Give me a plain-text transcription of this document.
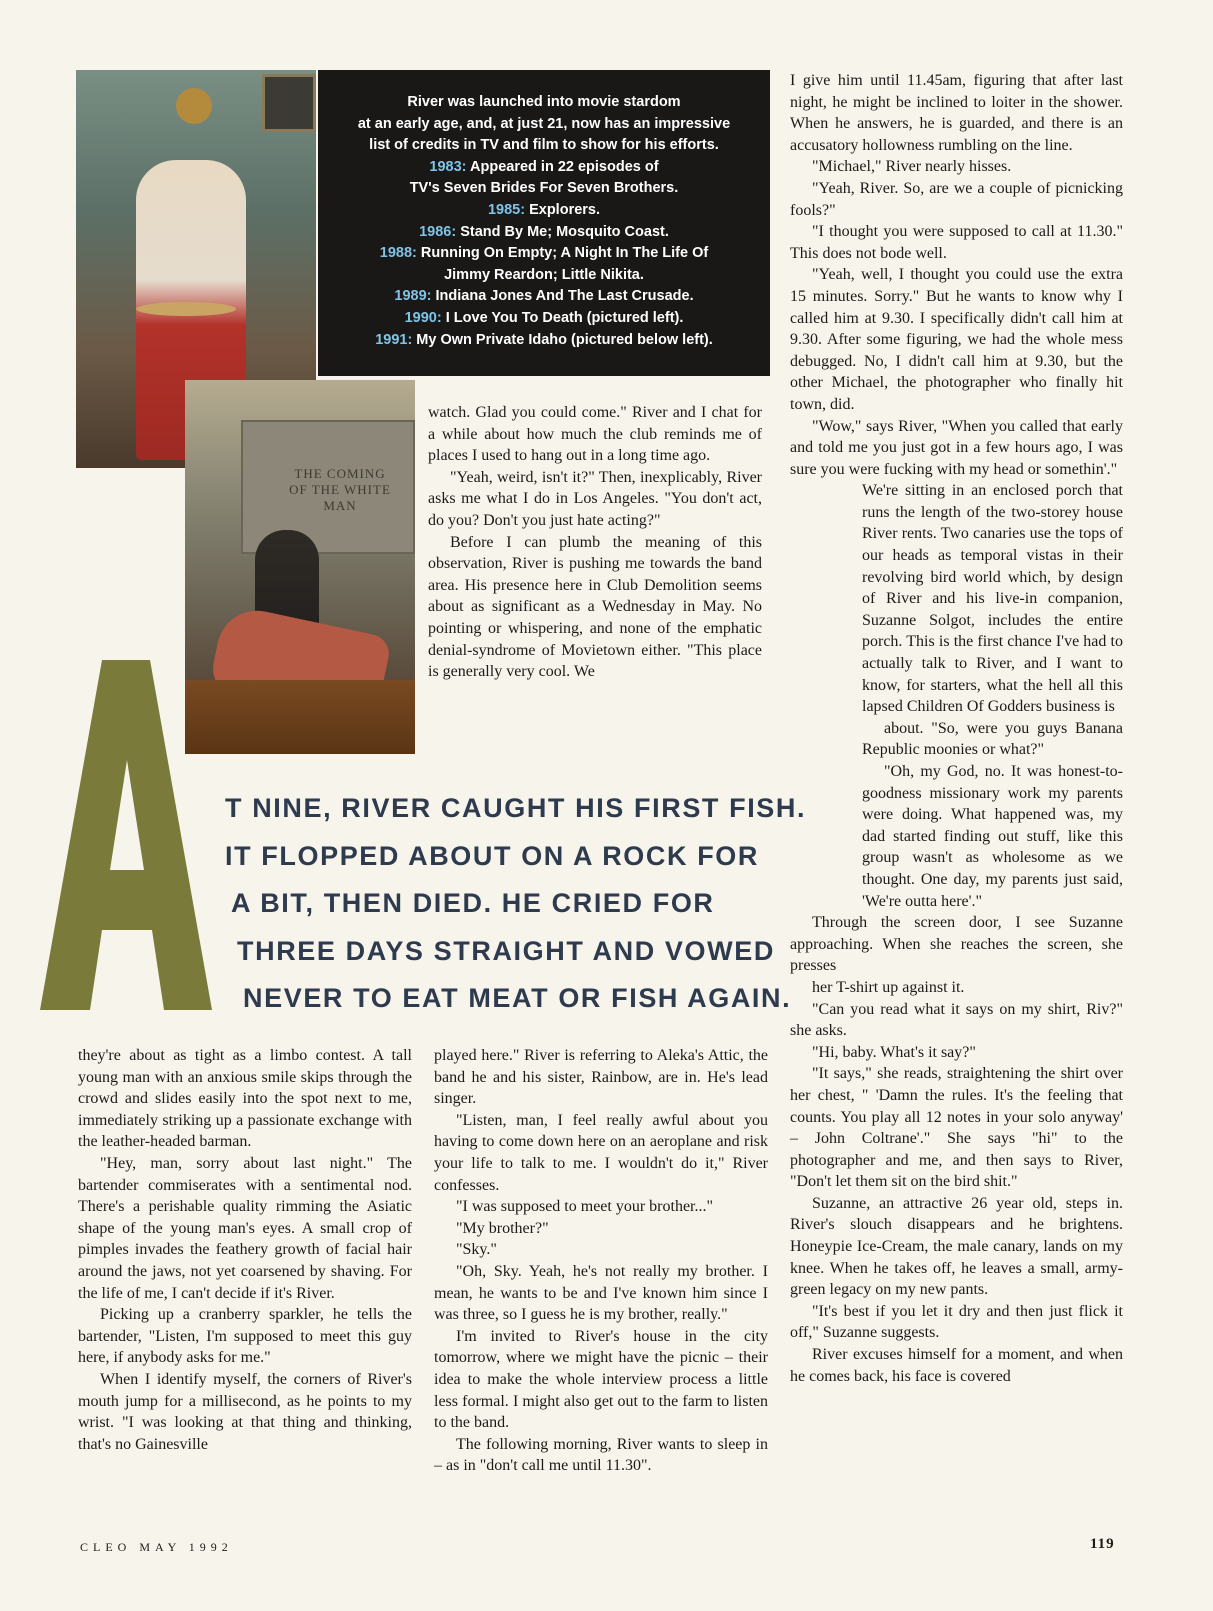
River was launched into movie stardom
at an early age, and, at just 21, now has an impressive
list of credits in TV and film to show for his efforts.
1983: Appeared in 22 episodes of
TV's Seven Brides For Seven Brothers.
1985: Explorers.
1986: Stand By Me; Mosquito Coast.
1988: Running On Empty; A Night In The Life Of
Jimmy Reardon; Little Nikita.
1989: Indiana Jones And The Last Crusade.
1990: I Love You To Death (pictured left).
1991: My Own Private Idaho (pictured below left).
THE COMING OF THE WHITE MAN

watch. Glad you could come." River and I chat for a while about how much the club reminds me of places I used to hang out in a long time ago.

"Yeah, weird, isn't it?" Then, inexplicably, River asks me what I do in Los Angeles. "You don't act, do you? Don't you just hate acting?"

Before I can plumb the meaning of this observation, River is pushing me towards the band area. His presence here in Club Demolition seems about as significant as a Wednesday in May. No pointing or whispering, and none of the emphatic denial-syndrome of Movietown either. "This place is generally very cool. We

I give him until 11.45am, figuring that after last night, he might be inclined to loiter in the shower. When he answers, he is guarded, and there is an accusatory hollowness rumbling on the line.

"Michael," River nearly hisses.

"Yeah, River. So, are we a couple of picnicking fools?"

"I thought you were supposed to call at 11.30." This does not bode well.

"Yeah, well, I thought you could use the extra 15 minutes. Sorry." But he wants to know why I called him at 9.30. I specifically didn't call him at 9.30. After some figuring, we had the whole mess debugged. No, I didn't call him at 9.30, but the other Michael, the photographer who finally hit town, did.

"Wow," says River, "When you called that early and told me you just got in a few hours ago, I was sure you were fucking with my head or somethin'."

We're sitting in an enclosed porch that runs the length of the two-storey house River rents. Two canaries use the tops of our heads as temporal vistas in their revolving bird world which, by design of River and his live-in companion, Suzanne Solgot, includes the entire porch. This is the first chance I've had to actually talk to River, and I want to know, for starters, what the hell all this lapsed Children Of Godders business is

about. "So, were you guys Banana Republic moonies or what?"

"Oh, my God, no. It was honest-to-goodness missionary work my parents were doing. What happened was, my dad started finding out stuff, like this group wasn't as wholesome as we thought. One day, my parents just said, 'We're outta here'."

Through the screen door, I see Suzanne approaching. When she reaches the screen, she presses

her T-shirt up against it.

"Can you read what it says on my shirt, Riv?" she asks.

"Hi, baby. What's it say?"

"It says," she reads, straightening the shirt over her chest, " 'Damn the rules. It's the feeling that counts. You play all 12 notes in your solo anyway' – John Coltrane'." She says "hi" to the photographer and me, and then says to River, "Don't let them sit on the bird shit."

Suzanne, an attractive 26 year old, steps in. River's slouch disappears and he brightens. Honeypie Ice-Cream, the male canary, lands on my knee. When he takes off, he leaves a small, army-green legacy on my new pants.

"It's best if you let it dry and then just flick it off," Suzanne suggests.

River excuses himself for a moment, and when he comes back, his face is covered

T NINE, RIVER CAUGHT HIS FIRST FISH.
IT FLOPPED ABOUT ON A ROCK FOR
A BIT, THEN DIED. HE CRIED FOR
THREE DAYS STRAIGHT AND VOWED
NEVER TO EAT MEAT OR FISH AGAIN.

they're about as tight as a limbo contest. A tall young man with an anxious smile skips through the crowd and slides easily into the spot next to me, immediately striking up a passionate exchange with the leather-headed barman.

"Hey, man, sorry about last night." The bartender commiserates with a sentimental nod. There's a perishable quality rimming the Asiatic shape of the young man's eyes. A small crop of pimples invades the feathery growth of facial hair around the jaws, not yet coarsened by shaving. For the life of me, I can't decide if it's River.

Picking up a cranberry sparkler, he tells the bartender, "Listen, I'm supposed to meet this guy here, if anybody asks for me."

When I identify myself, the corners of River's mouth jump for a millisecond, as he points to my wrist. "I was looking at that thing and thinking, that's no Gainesville

played here." River is referring to Aleka's Attic, the band he and his sister, Rainbow, are in. He's lead singer.

"Listen, man, I feel really awful about you having to come down here on an aeroplane and risk your life to talk to me. I wouldn't do it," River confesses.

"I was supposed to meet your brother..."

"My brother?"

"Sky."

"Oh, Sky. Yeah, he's not really my brother. I mean, he wants to be and I've known him since I was three, so I guess he is my brother, really."

I'm invited to River's house in the city tomorrow, where we might have the picnic – their idea to make the whole interview process a little less formal. I might also get out to the farm to listen to the band.

The following morning, River wants to sleep in – as in "don't call me until 11.30".

CLEO MAY 1992	119
